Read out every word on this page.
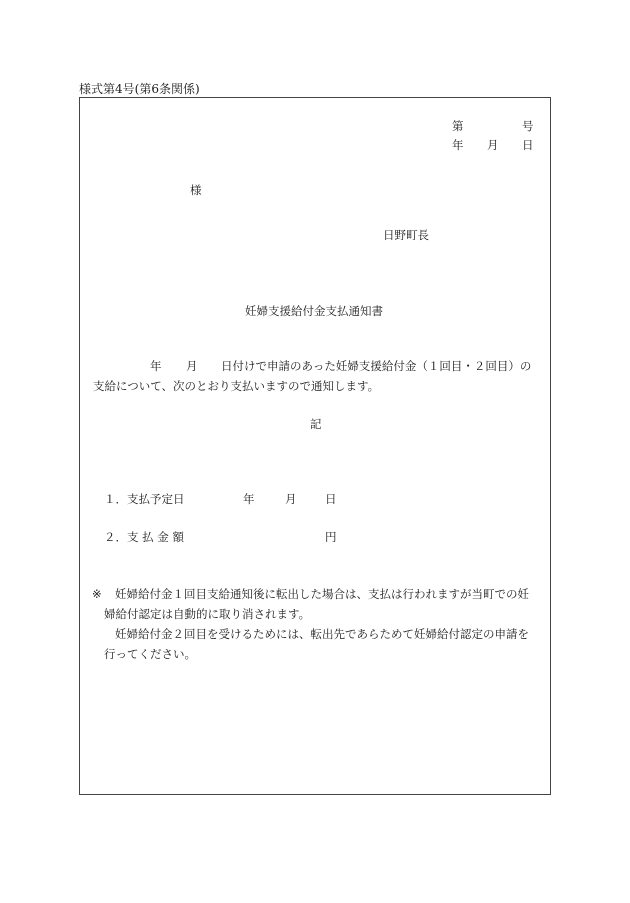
様式第4号(第6条関係)
第	号
年 月 日
様
日野町長
妊婦支援給付金支払通知書
年 月 日付けで申請のあった妊婦支援給付金（１回目・２回目）の
支給について、次のとおり支払いますので通知します。
記
１．支払予定日	年	月 日
２．支 払 金 額	円
※ 妊婦給付金１回目支給通知後に転出した場合は、支払は行われますが当町での妊
婦給付認定は自動的に取り消されます。
妊婦給付金２回目を受けるためには、転出先であらためて妊婦給付認定の申請を
行ってください。
